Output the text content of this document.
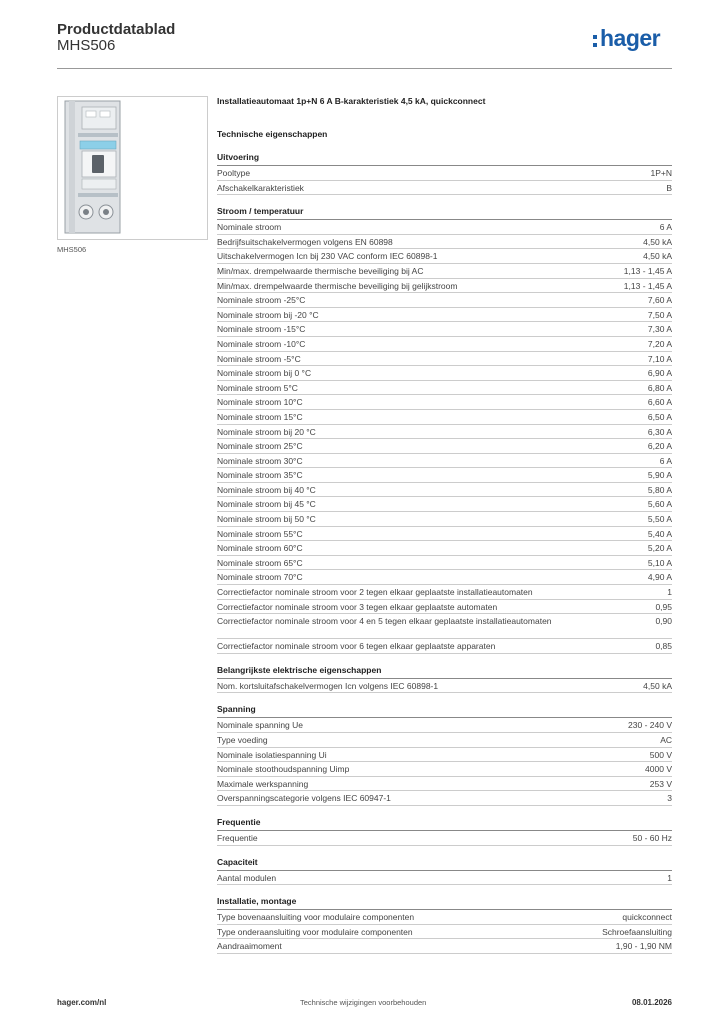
Productdatablad
MHS506	hager
MHS506
Installatieautomaat 1p+N 6 A B-karakteristiek 4,5 kA, quickconnect
Technische eigenschappen
Uitvoering
Pooltype	1P+N
Afschakelkarakteristiek	B
Stroom / temperatuur
Nominale stroom	6 A
Bedrijfsuitschakelvermogen volgens EN 60898	4,50 kA
Uitschakelvermogen Icn bij 230 VAC conform IEC 60898-1	4,50 kA
Min/max. drempelwaarde thermische beveiliging bij AC	1,13 - 1,45 A
Min/max. drempelwaarde thermische beveiliging bij gelijkstroom	1,13 - 1,45 A
Nominale stroom -25°C	7,60 A
Nominale stroom bij -20 °C	7,50 A
Nominale stroom -15°C	7,30 A
Nominale stroom -10°C	7,20 A
Nominale stroom -5°C	7,10 A
Nominale stroom bij 0 °C	6,90 A
Nominale stroom 5°C	6,80 A
Nominale stroom 10°C	6,60 A
Nominale stroom 15°C	6,50 A
Nominale stroom bij 20 °C	6,30 A
Nominale stroom 25°C	6,20 A
Nominale stroom 30°C	6 A
Nominale stroom 35°C	5,90 A
Nominale stroom bij 40 °C	5,80 A
Nominale stroom bij 45 °C	5,60 A
Nominale stroom bij 50 °C	5,50 A
Nominale stroom 55°C	5,40 A
Nominale stroom 60°C	5,20 A
Nominale stroom 65°C	5,10 A
Nominale stroom 70°C	4,90 A
Correctiefactor nominale stroom voor 2 tegen elkaar geplaatste installatieautomaten	1
Correctiefactor nominale stroom voor 3 tegen elkaar geplaatste automaten	0,95
Correctiefactor nominale stroom voor 4 en 5 tegen elkaar geplaatste installatieautomaten	0,90
Correctiefactor nominale stroom voor 6 tegen elkaar geplaatste apparaten	0,85
Belangrijkste elektrische eigenschappen
Nom. kortsluitafschakelvermogen Icn volgens IEC 60898-1	4,50 kA
Spanning
Nominale spanning Ue	230 - 240 V
Type voeding	AC
Nominale isolatiespanning Ui	500 V
Nominale stoothoudspanning Uimp	4000 V
Maximale werkspanning	253 V
Overspanningscategorie volgens IEC 60947-1	3
Frequentie
Frequentie	50 - 60 Hz
Capaciteit
Aantal modulen	1
Installatie, montage
Type bovenaansluiting voor modulaire componenten	quickconnect
Type onderaansluiting voor modulaire componenten	Schroefaansluiting
Aandraaimoment	1,90 - 1,90 NM
hager.com/nl	Technische wijzigingen voorbehouden	08.01.2026
